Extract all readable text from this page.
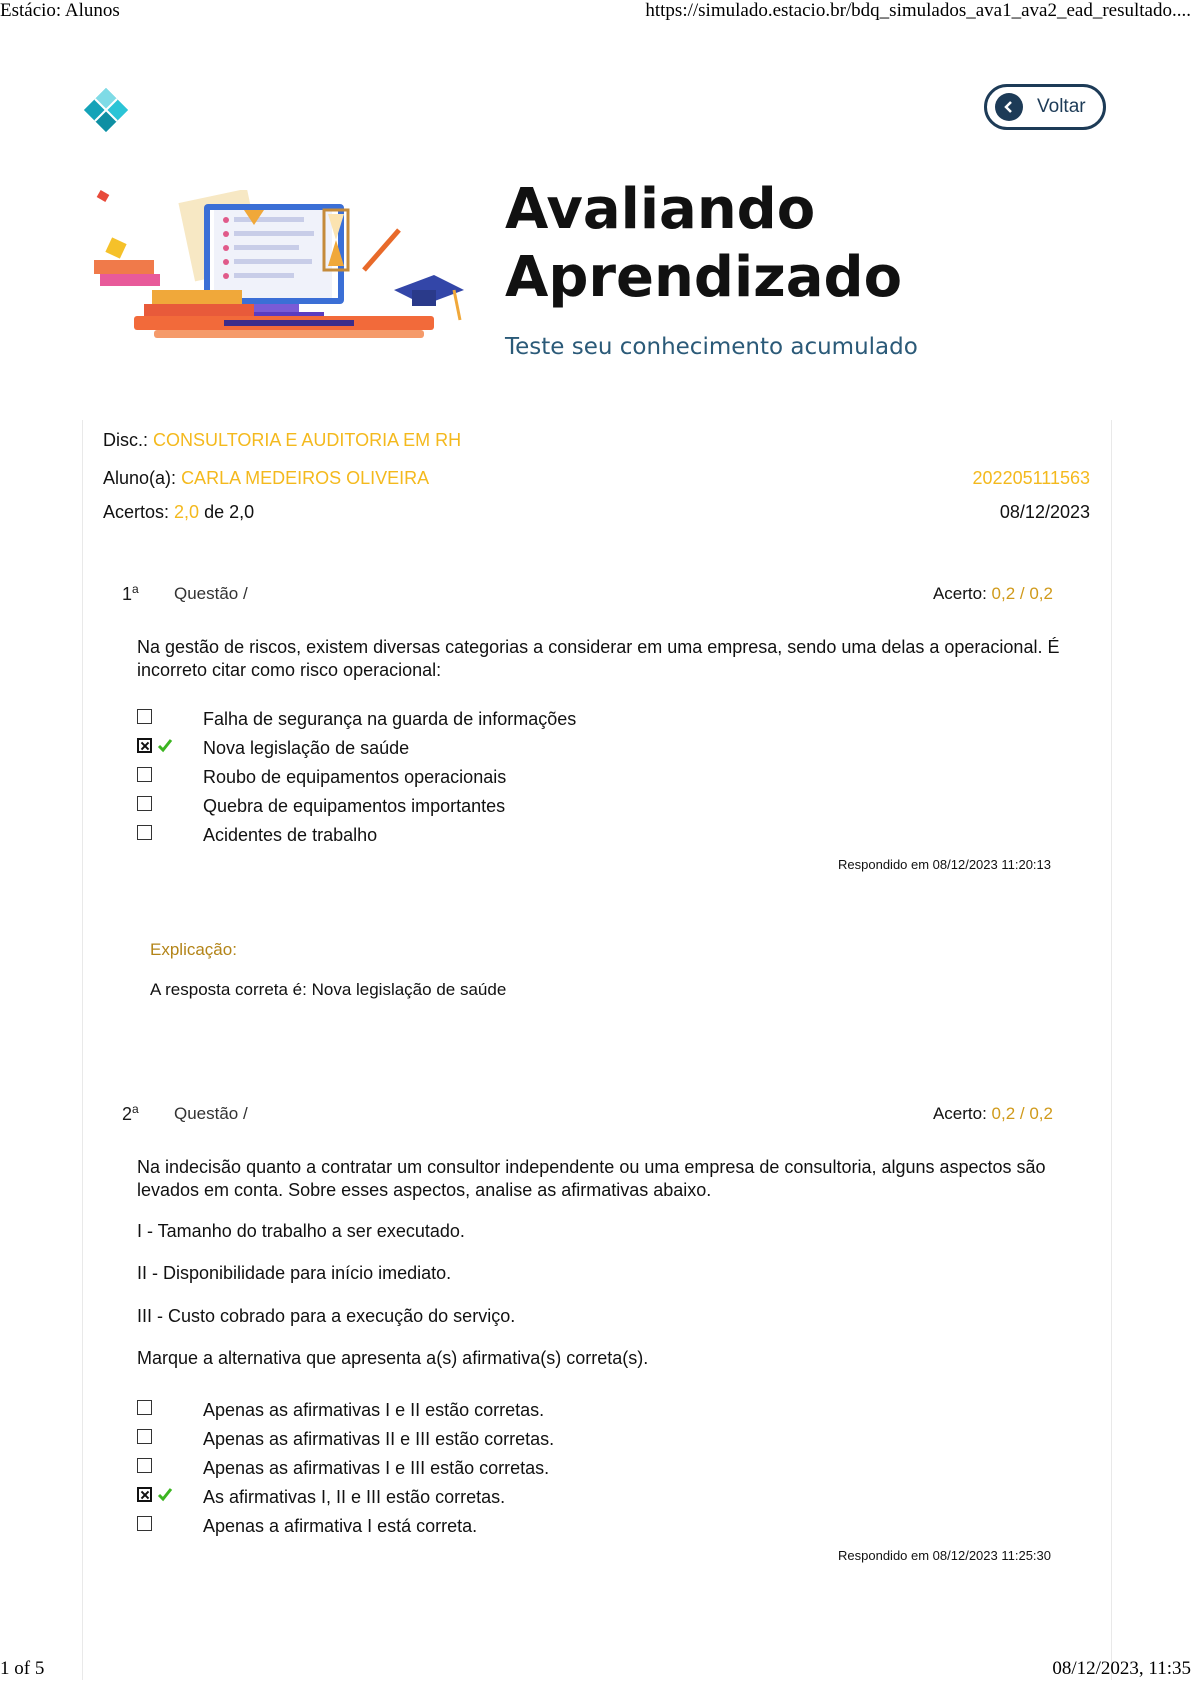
Estácio: Alunos	https://simulado.estacio.br/bdq_simulados_ava1_ava2_ead_resultado....
Voltar
Avaliando
Aprendizado
Teste seu conhecimento acumulado
Disc.: CONSULTORIA E AUDITORIA EM RH
Aluno(a): CARLA MEDEIROS OLIVEIRA	202205111563
Acertos: 2,0 de 2,0	08/12/2023
1$^a$ Questão /	Acerto: 0,2 / 0,2
Na gestão de riscos, existem diversas categorias a considerar em uma empresa, sendo uma delas a operacional. É incorreto citar como risco operacional:
Falha de segurança na guarda de informações
Nova legislação de saúde
Roubo de equipamentos operacionais
Quebra de equipamentos importantes
Acidentes de trabalho
Respondido em 08/12/2023 11:20:13
Explicação:
A resposta correta é: Nova legislação de saúde
2$^a$ Questão /	Acerto: 0,2 / 0,2
Na indecisão quanto a contratar um consultor independente ou uma empresa de consultoria, alguns aspectos são levados em conta. Sobre esses aspectos, analise as afirmativas abaixo.
I - Tamanho do trabalho a ser executado.
II - Disponibilidade para início imediato.
III - Custo cobrado para a execução do serviço.
Marque a alternativa que apresenta a(s) afirmativa(s) correta(s).
Apenas as afirmativas I e II estão corretas.
Apenas as afirmativas II e III estão corretas.
Apenas as afirmativas I e III estão corretas.
As afirmativas I, II e III estão corretas.
Apenas a afirmativa I está correta.
Respondido em 08/12/2023 11:25:30
1 of 5	08/12/2023, 11:35
